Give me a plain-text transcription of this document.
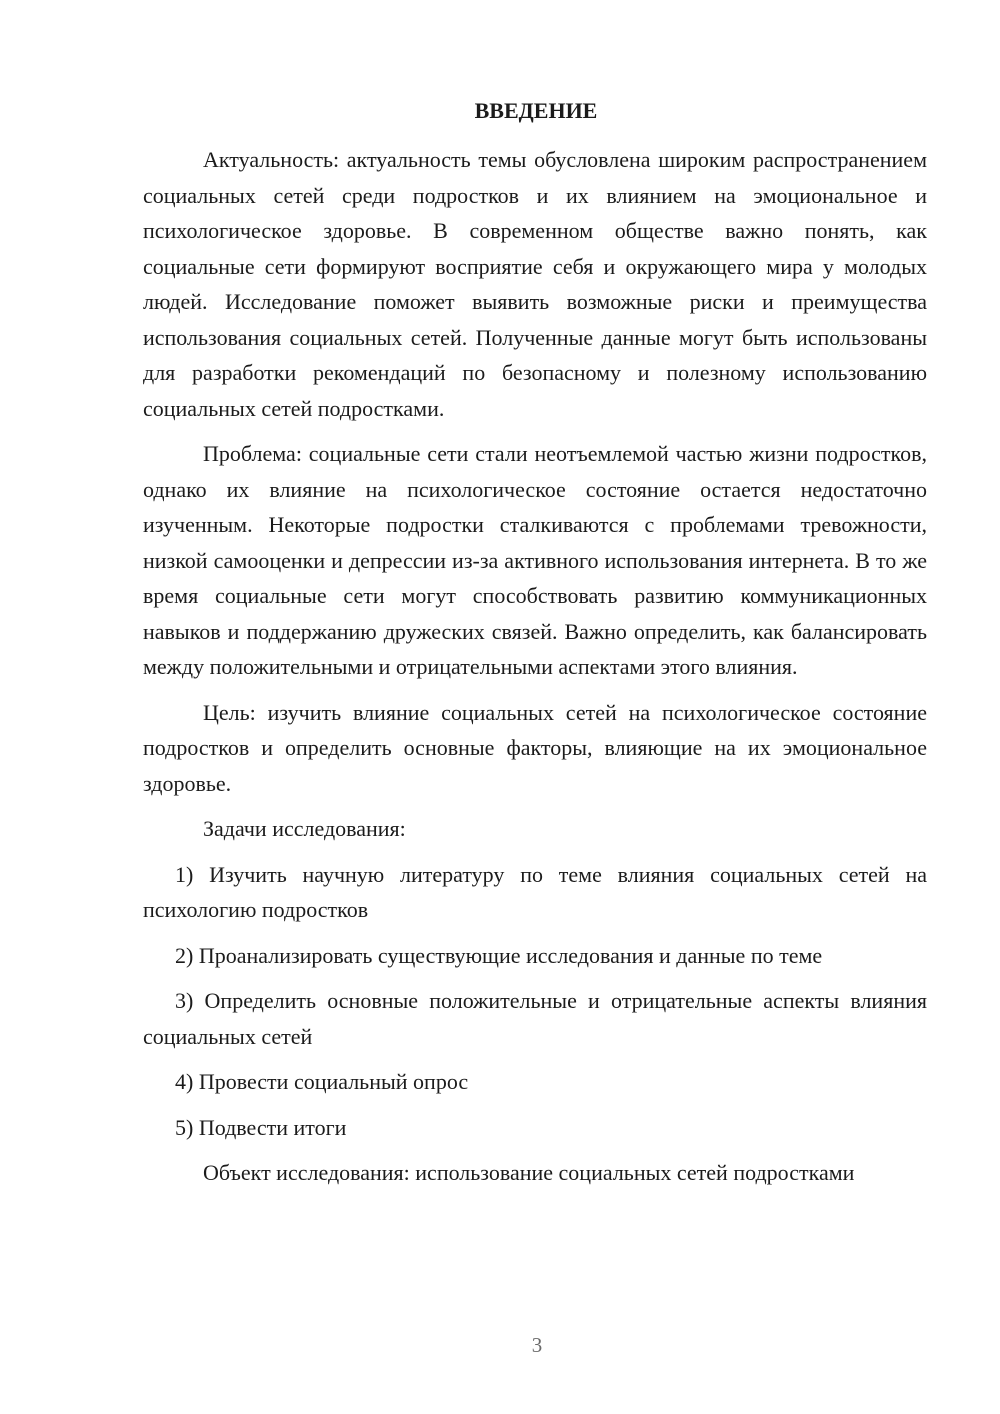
ВВЕДЕНИЕ

Актуальность: актуальность темы обусловлена широким распространением социальных сетей среди подростков и их влиянием на эмоциональное и психологическое здоровье. В современном обществе важно понять, как социальные сети формируют восприятие себя и окружающего мира у молодых людей. Исследование поможет выявить возможные риски и преимущества использования социальных сетей. Полученные данные могут быть использованы для разработки рекомендаций по безопасному и полезному использованию социальных сетей подростками.

Проблема: социальные сети стали неотъемлемой частью жизни подростков, однако их влияние на психологическое состояние остается недостаточно изученным. Некоторые подростки сталкиваются с проблемами тревожности, низкой самооценки и депрессии из-за активного использования интернета. В то же время социальные сети могут способствовать развитию коммуникационных навыков и поддержанию дружеских связей. Важно определить, как балансировать между положительными и отрицательными аспектами этого влияния.

Цель: изучить влияние социальных сетей на психологическое состояние подростков и определить основные факторы, влияющие на их эмоциональное здоровье.

Задачи исследования:

1) Изучить научную литературу по теме влияния социальных сетей на психологию подростков

2) Проанализировать существующие исследования и данные по теме

3) Определить основные положительные и отрицательные аспекты влияния социальных сетей

4) Провести социальный опрос

5) Подвести итоги

Объект исследования: использование социальных сетей подростками

3
